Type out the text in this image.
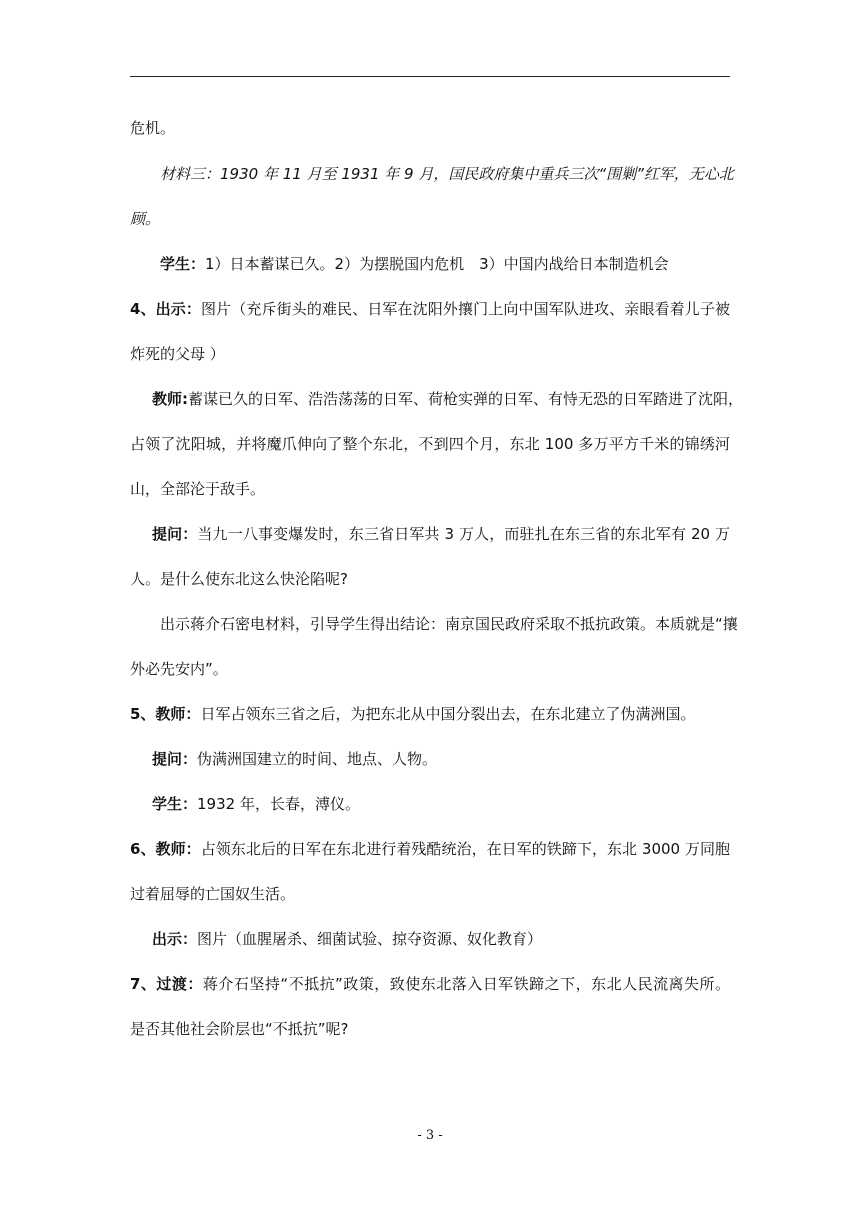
危机。
材料三：1930 年 11 月至 1931 年 9 月，国民政府集中重兵三次“围剿”红军，无心北
顾。
学生：1）日本蓄谋已久。2）为摆脱国内危机　3）中国内战给日本制造机会
4、出示：图片（充斥街头的难民、日军在沈阳外攘门上向中国军队进攻、亲眼看着儿子被
炸死的父母 ）
教师:蓄谋已久的日军、浩浩荡荡的日军、荷枪实弹的日军、有恃无恐的日军踏进了沈阳，
占领了沈阳城，并将魔爪伸向了整个东北，不到四个月，东北 100 多万平方千米的锦绣河
山，全部沦于敌手。
提问：当九一八事变爆发时，东三省日军共 3 万人，而驻扎在东三省的东北军有 20 万
人。是什么使东北这么快沦陷呢?
出示蒋介石密电材料，引导学生得出结论：南京国民政府采取不抵抗政策。本质就是“攘
外必先安内”。
5、教师：日军占领东三省之后，为把东北从中国分裂出去，在东北建立了伪满洲国。
提问：伪满洲国建立的时间、地点、人物。
学生：1932 年，长春，溥仪。
6、教师：占领东北后的日军在东北进行着残酷统治，在日军的铁蹄下，东北 3000 万同胞
过着屈辱的亡国奴生活。
出示：图片（血腥屠杀、细菌试验、掠夺资源、奴化教育）
7、过渡：蒋介石坚持“不抵抗”政策，致使东北落入日军铁蹄之下，东北人民流离失所。
是否其他社会阶层也“不抵抗”呢?
- 3 -
